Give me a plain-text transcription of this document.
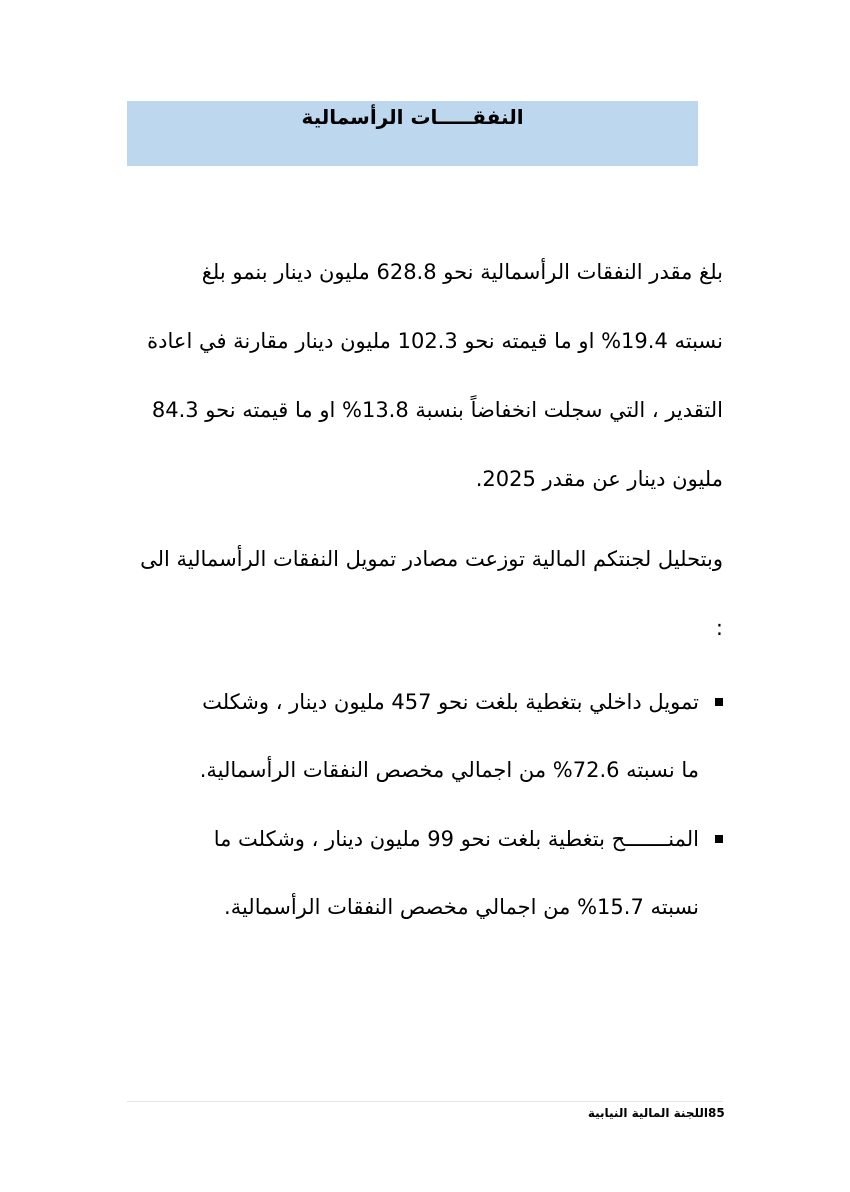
النفقـــــات الرأسمالية
بلغ مقدر النفقات الرأسمالية نحو 628.8 مليون دينار بنمو بلغ
نسبته 19.4% او ما قيمته نحو 102.3 مليون دينار مقارنة في اعادة
التقدير ، التي سجلت انخفاضاً بنسبة 13.8% او ما قيمته نحو 84.3
مليون دينار عن مقدر 2025.
وبتحليل لجنتكم المالية توزعت مصادر تمويل النفقات الرأسمالية الى
:
تمويل داخلي بتغطية بلغت نحو 457 مليون دينار ، وشكلت
ما نسبته 72.6% من اجمالي مخصص النفقات الرأسمالية.
المنـــــــح بتغطية بلغت نحو 99 مليون دينار ، وشكلت ما
نسبته 15.7% من اجمالي مخصص النفقات الرأسمالية.
85
اللجنة المالية النيابية
